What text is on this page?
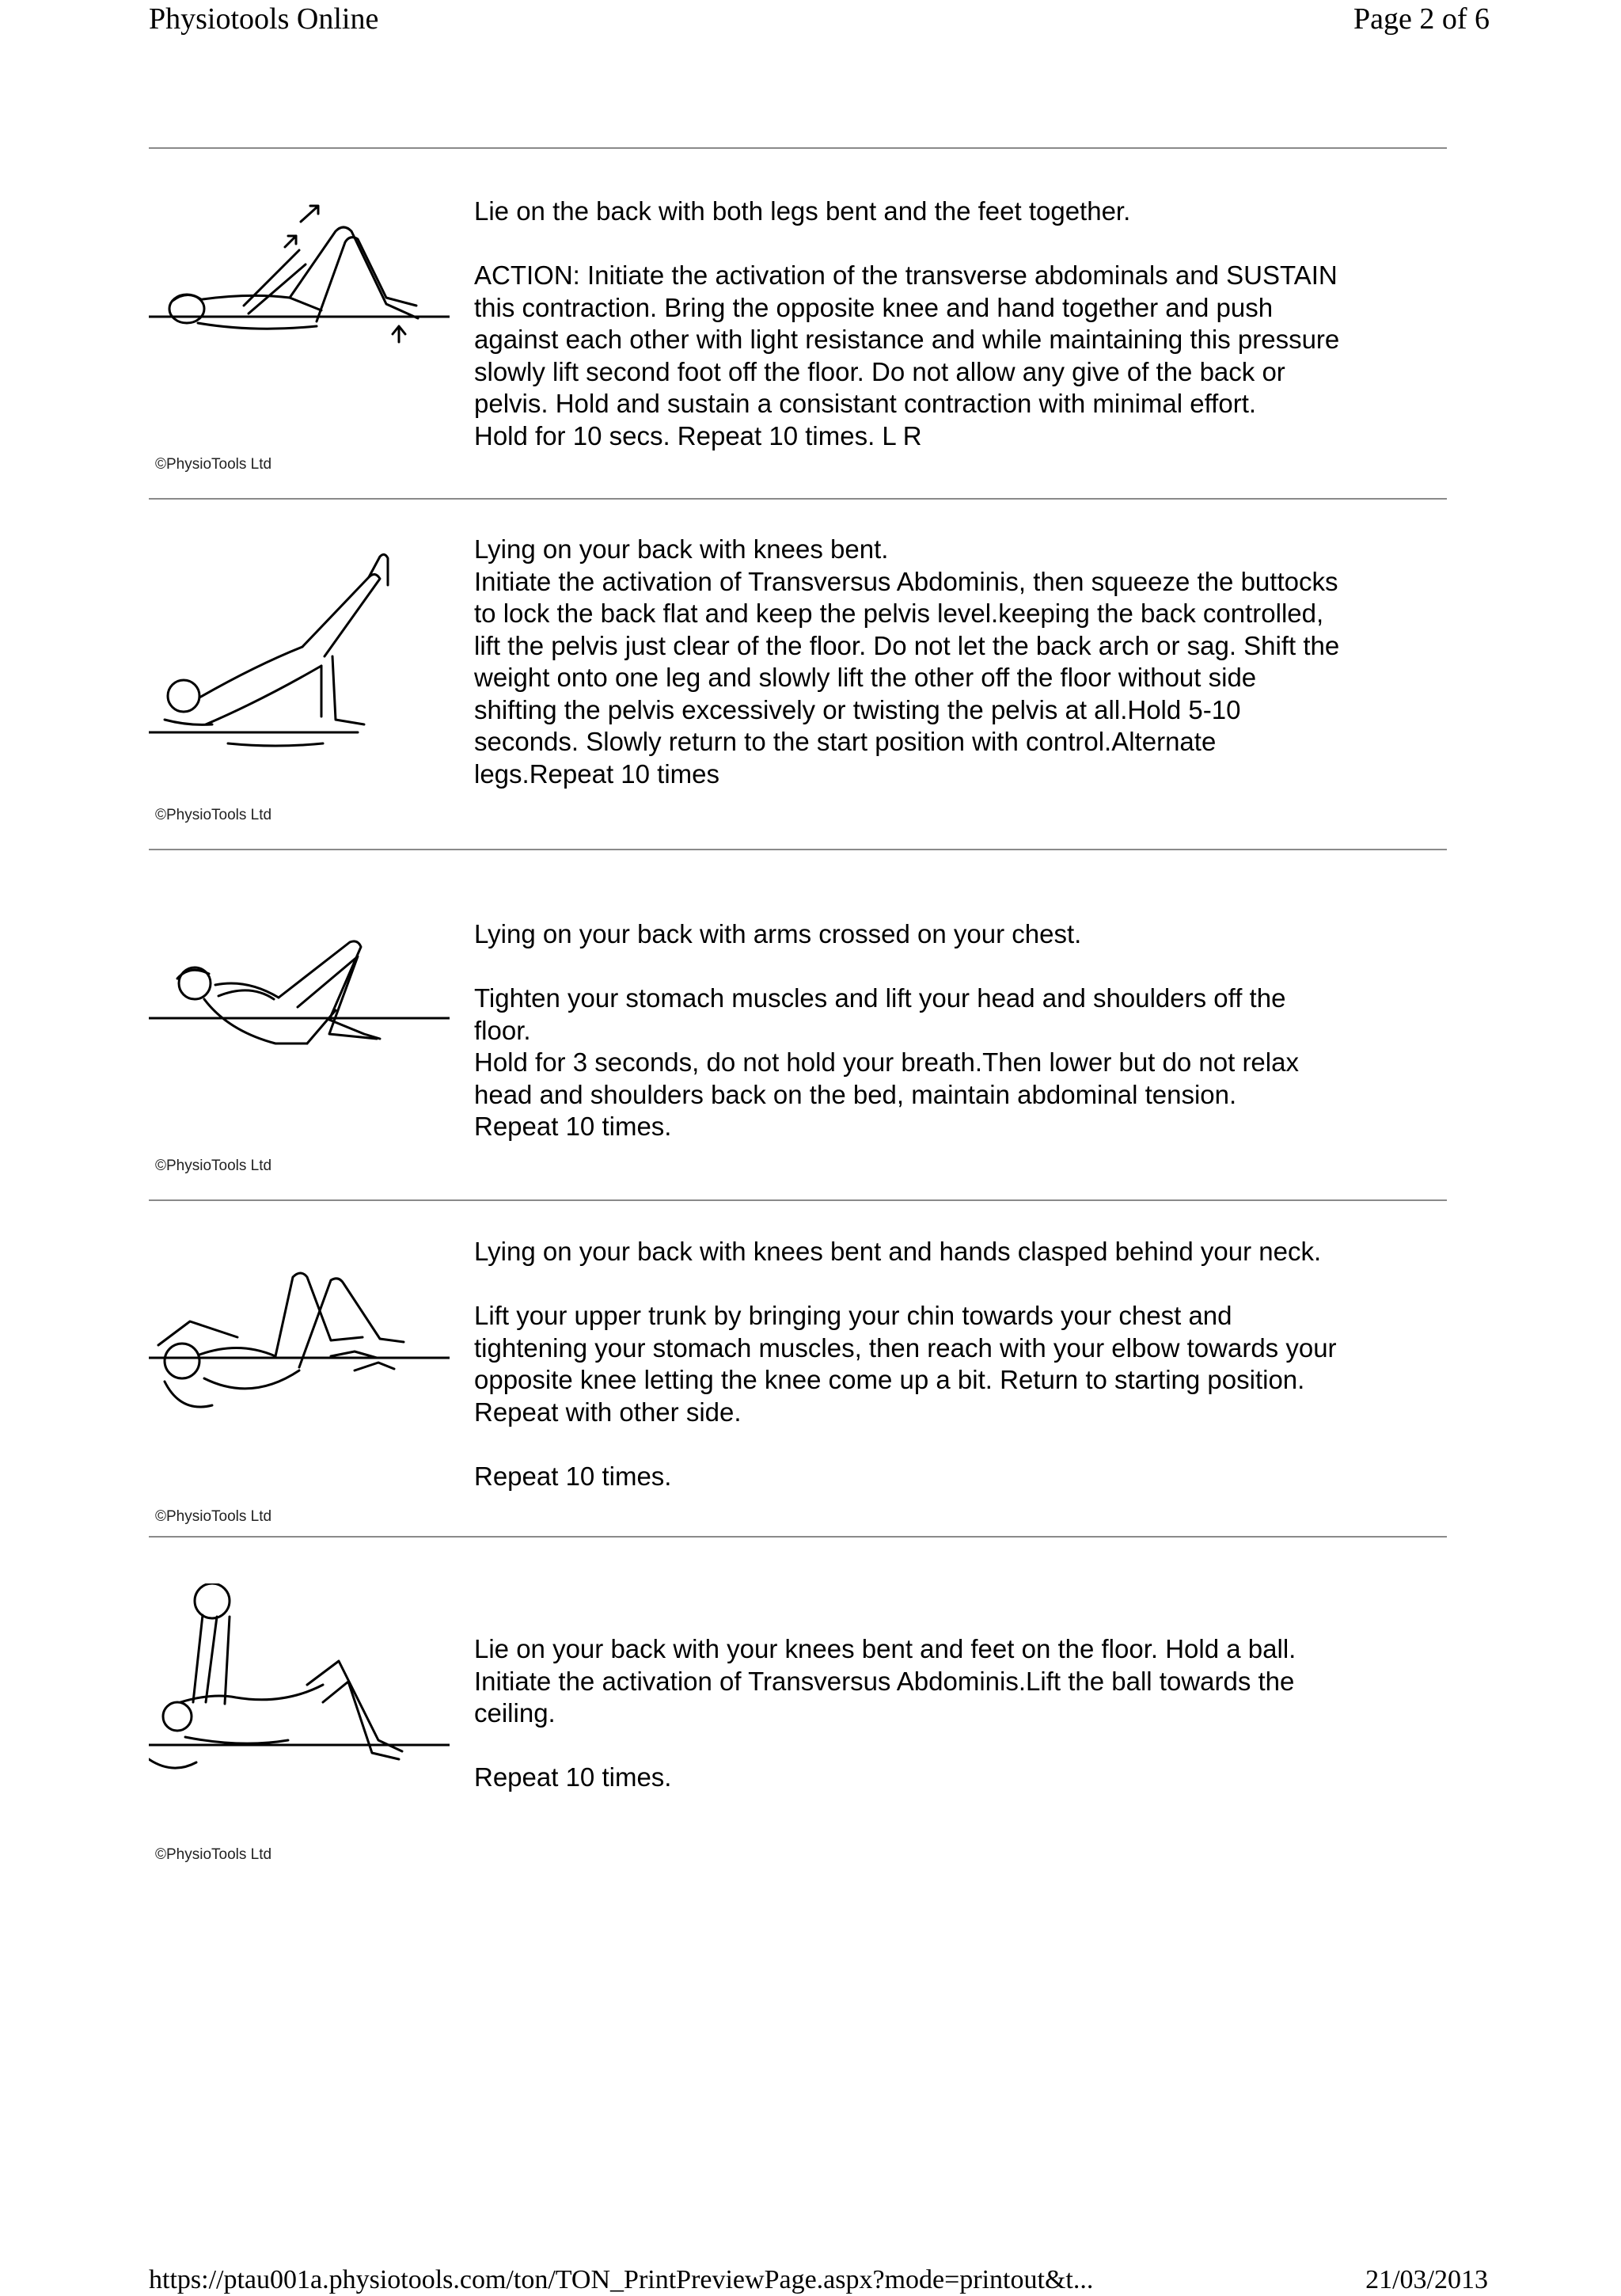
Physiotools Online	Page 2 of 6
©PhysioTools Ltd
Lie on the back with both legs bent and the feet together.

ACTION: Initiate the activation of the transverse abdominals and SUSTAIN
this contraction. Bring the opposite knee and hand together and push
against each other with light resistance and while maintaining this pressure
slowly lift second foot off the floor. Do not allow any give of the back or
pelvis. Hold and sustain a consistant contraction with minimal effort.
Hold for 10 secs. Repeat 10 times. L R
©PhysioTools Ltd
Lying on your back with knees bent.
Initiate the activation of Transversus Abdominis, then squeeze the buttocks
to lock the back flat and keep the pelvis level.keeping the back controlled,
lift the pelvis just clear of the floor. Do not let the back arch or sag. Shift the
weight onto one leg and slowly lift the other off the floor without side
shifting the pelvis excessively or twisting the pelvis at all.Hold 5-10
seconds. Slowly return to the start position with control.Alternate
legs.Repeat 10 times
©PhysioTools Ltd
Lying on your back with arms crossed on your chest.

Tighten your stomach muscles and lift your head and shoulders off the
floor.
Hold for 3 seconds, do not hold your breath.Then lower but do not relax
head and shoulders back on the bed, maintain abdominal tension.
Repeat 10 times.
©PhysioTools Ltd
Lying on your back with knees bent and hands clasped behind your neck.

Lift your upper trunk by bringing your chin towards your chest and
tightening your stomach muscles, then reach with your elbow towards your
opposite knee letting the knee come up a bit. Return to starting position.
Repeat with other side.

Repeat 10 times.
©PhysioTools Ltd
Lie on your back with your knees bent and feet on the floor. Hold a ball.
Initiate the activation of Transversus Abdominis.Lift the ball towards the
ceiling.

Repeat 10 times.
https://ptau001a.physiotools.com/ton/TON_PrintPreviewPage.aspx?mode=printout&t...	21/03/2013
